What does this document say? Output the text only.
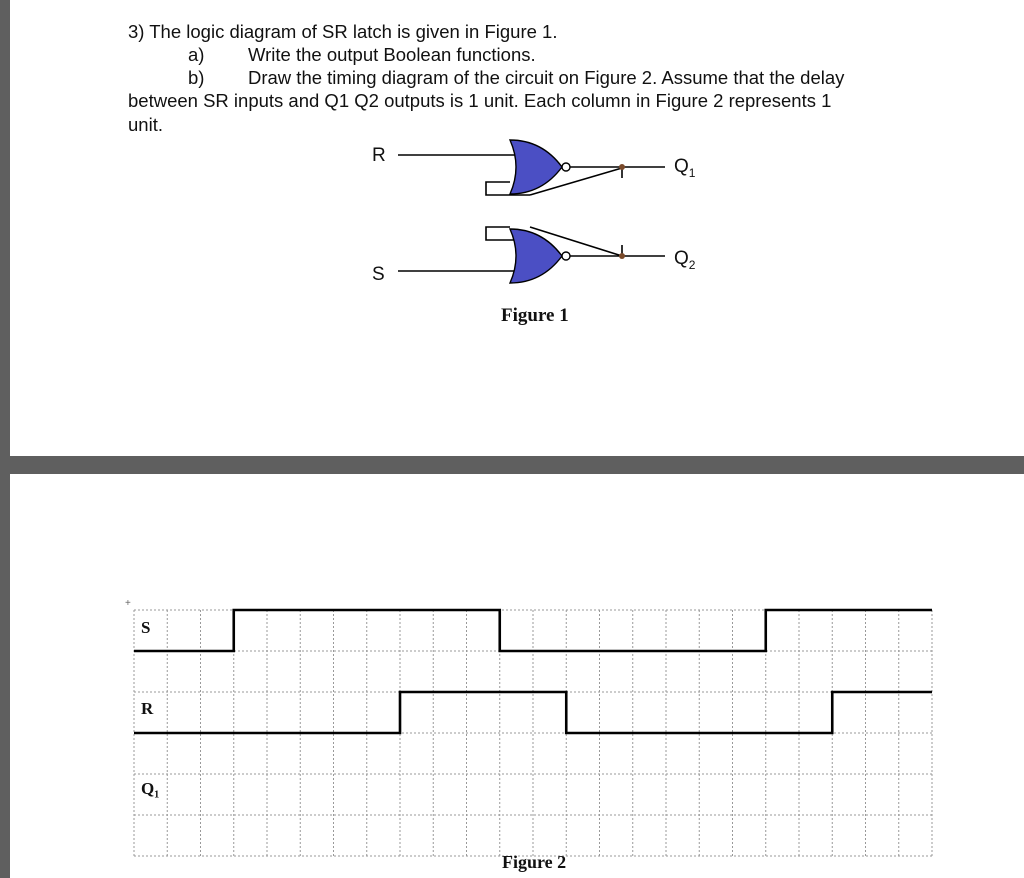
3) The logic diagram of SR latch is given in Figure 1.
a) Write the output Boolean functions.
b) Draw the timing diagram of the circuit on Figure 2. Assume that the delay
between SR inputs and Q1 Q2 outputs is 1 unit. Each column in Figure 2 represents 1
unit.
R
S
$Q_1$
$Q_2$
Figure 1
+
S
R
Q₁
Figure 2
